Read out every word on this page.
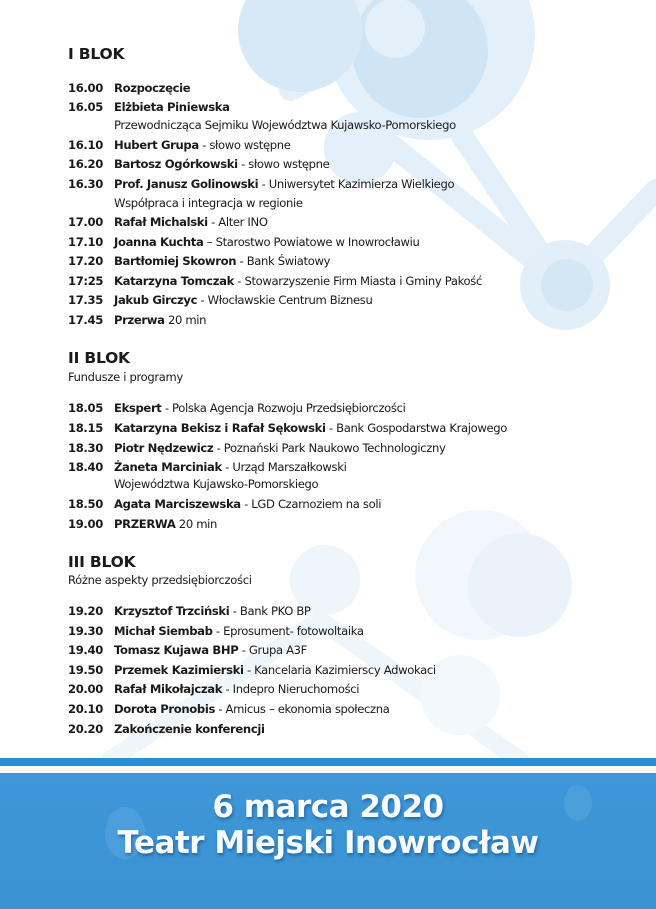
I BLOK
16.00 Rozpoczęcie
16.05 Elżbieta Piniewska
Przewodnicząca Sejmiku Województwa Kujawsko-Pomorskiego
16.10 Hubert Grupa - słowo wstępne
16.20 Bartosz Ogórkowski - słowo wstępne
16.30 Prof. Janusz Golinowski - Uniwersytet Kazimierza Wielkiego
Współpraca i integracja w regionie
17.00 Rafał Michalski - Alter INO
17.10 Joanna Kuchta – Starostwo Powiatowe w Inowrocławiu
17.20 Bartłomiej Skowron - Bank Światowy
17:25 Katarzyna Tomczak - Stowarzyszenie Firm Miasta i Gminy Pakość
17.35 Jakub Girczyc - Włocławskie Centrum Biznesu
17.45 Przerwa 20 min
II BLOK
Fundusze i programy
18.05 Ekspert - Polska Agencja Rozwoju Przedsiębiorczości
18.15 Katarzyna Bekisz i Rafał Sękowski - Bank Gospodarstwa Krajowego
18.30 Piotr Nędzewicz - Poznański Park Naukowo Technologiczny
18.40 Żaneta Marciniak - Urząd Marszałkowski
Województwa Kujawsko-Pomorskiego
18.50 Agata Marciszewska - LGD Czarnoziem na soli
19.00 PRZERWA 20 min
III BLOK
Różne aspekty przedsiębiorczości
19.20 Krzysztof Trzciński - Bank PKO BP
19.30 Michał Siembab - Eprosument- fotowoltaika
19.40 Tomasz Kujawa BHP - Grupa A3F
19.50 Przemek Kazimierski - Kancelaria Kazimierscy Adwokaci
20.00 Rafał Mikołajczak - Indepro Nieruchomości
20.10 Dorota Pronobis - Amicus – ekonomia społeczna
20.20 Zakończenie konferencji
6 marca 2020
Teatr Miejski Inowrocław
